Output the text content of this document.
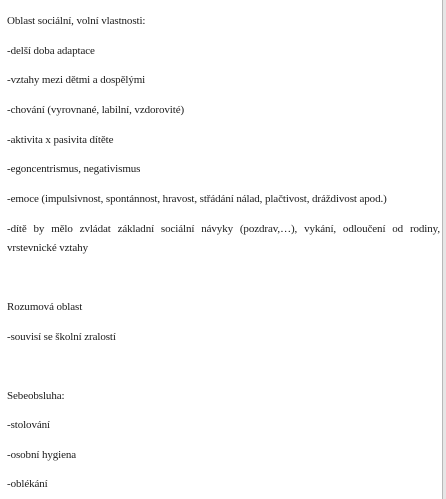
Oblast sociální, volní vlastnosti:
-delší doba adaptace
-vztahy mezi dětmi a dospělými
-chování (vyrovnané, labilní, vzdorovité)
-aktivita x pasivita dítěte
-egoncentrismus, negativismus
-emoce (impulsivnost, spontánnost, hravost, střádání nálad, plačtivost, dráždivost apod.)
-dítě by mělo zvládat základní sociální návyky (pozdrav,…), vykání, odloučení od rodiny,
vrstevnické vztahy
Rozumová oblast
-souvisí se školní zralostí
Sebeobsluha:
-stolování
-osobní hygiena
-oblékání
